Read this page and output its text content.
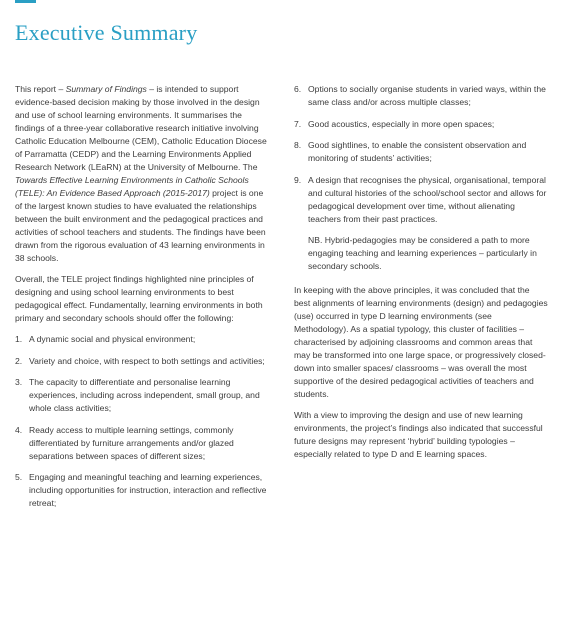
Executive Summary

This report – Summary of Findings – is intended to support evidence-based decision making by those involved in the design and use of school learning environments. It summarises the findings of a three-year collaborative research initiative involving Catholic Education Melbourne (CEM), Catholic Education Diocese of Parramatta (CEDP) and the Learning Environments Applied Research Network (LEaRN) at the University of Melbourne. The Towards Effective Learning Environments in Catholic Schools (TELE): An Evidence Based Approach (2015-2017) project is one of the largest known studies to have evaluated the relationships between the built environment and the pedagogical practices and activities of school teachers and students. The findings have been drawn from the rigorous evaluation of 43 learning environments in 38 schools.

Overall, the TELE project findings highlighted nine principles of designing and using school learning environments to best pedagogical effect. Fundamentally, learning environments in both primary and secondary schools should offer the following:

1. A dynamic social and physical environment;
2. Variety and choice, with respect to both settings and activities;
3. The capacity to differentiate and personalise learning experiences, including across independent, small group, and whole class activities;
4. Ready access to multiple learning settings, commonly differentiated by furniture arrangements and/or glazed separations between spaces of different sizes;
5. Engaging and meaningful teaching and learning experiences, including opportunities for instruction, interaction and reflective retreat;
6. Options to socially organise students in varied ways, within the same class and/or across multiple classes;
7. Good acoustics, especially in more open spaces;
8. Good sightlines, to enable the consistent observation and monitoring of students’ activities;
9. A design that recognises the physical, organisational, temporal and cultural histories of the school/school sector and allows for pedagogical development over time, without alienating teachers from their past practices.

NB. Hybrid-pedagogies may be considered a path to more engaging teaching and learning experiences – particularly in secondary schools.

In keeping with the above principles, it was concluded that the best alignments of learning environments (design) and pedagogies (use) occurred in type D learning environments (see Methodology). As a spatial typology, this cluster of facilities – characterised by adjoining classrooms and common areas that may be transformed into one large space, or progressively closed-down into smaller spaces/ classrooms – was overall the most supportive of the desired pedagogical activities of teachers and students.

With a view to improving the design and use of new learning environments, the project’s findings also indicated that successful future designs may represent ‘hybrid’ building typologies – especially related to type D and E learning spaces.
